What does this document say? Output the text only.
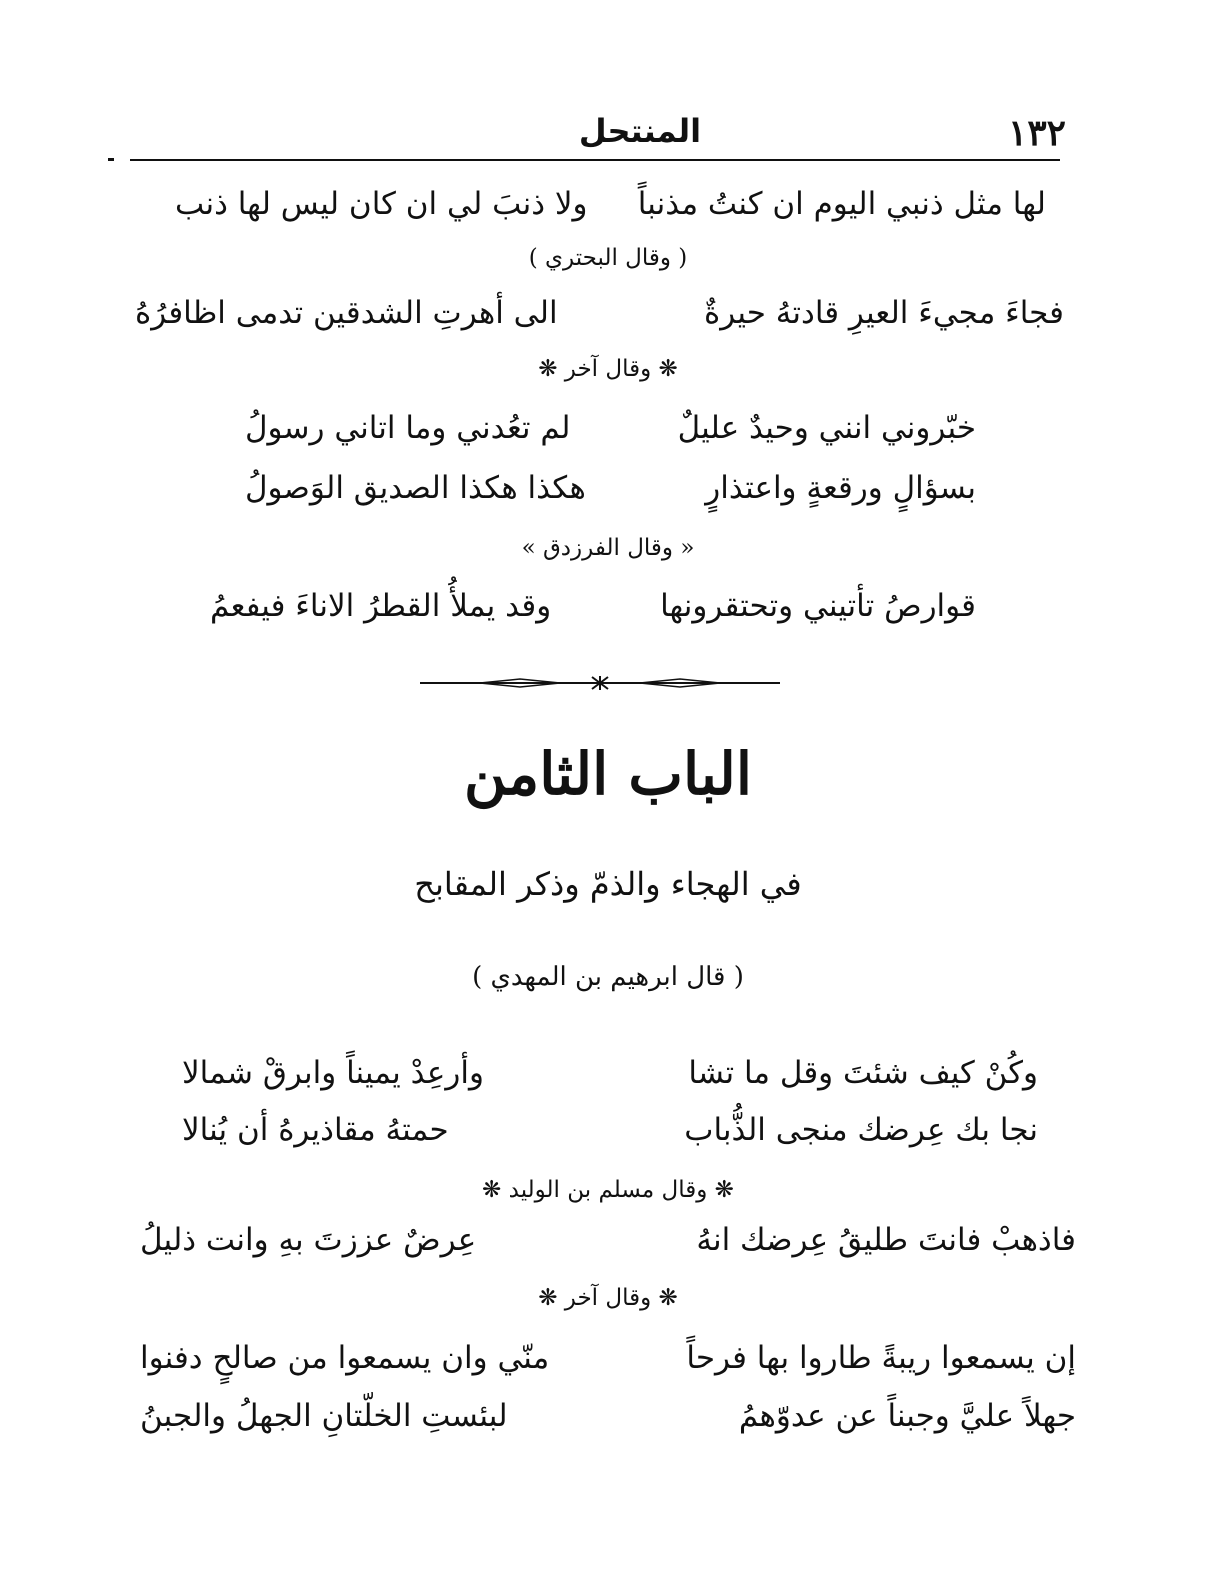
١٣٢
المنتحل
لها مثل ذنبي اليوم ان كنتُ مذنباً
ولا ذنبَ لي ان كان ليس لها ذنب
( وقال البحتري )
فجاءَ مجيءَ العيرِ قادتهُ حيرةٌ
الى أهرتِ الشدقين تدمى اظافرُهُ
❋ وقال آخر ❋
خبّروني انني وحيدٌ عليلٌ
لم تعُدني وما اتاني رسولُ
بسؤالٍ ورقعةٍ واعتذارٍ
هكذا هكذا الصديق الوَصولُ
« وقال الفرزدق »
قوارصُ تأتيني وتحتقرونها
وقد يملأُ القطرُ الاناءَ فيفعمُ
الباب الثامن
في الهجاء والذمّ وذكر المقابح
( قال ابرهيم بن المهدي )
وكُنْ كيف شئتَ وقل ما تشا
وأرعِدْ يميناً وابرقْ شمالا
نجا بك عِرضك منجى الذُّباب
حمتهُ مقاذيرهُ أن يُنالا
❋ وقال مسلم بن الوليد ❋
فاذهبْ فانتَ طليقُ عِرضك انهُ
عِرضٌ عززتَ بهِ وانت ذليلُ
❋ وقال آخر ❋
إن يسمعوا ريبةً طاروا بها فرحاً
منّي وان يسمعوا من صالحٍ دفنوا
جهلاً عليَّ وجبناً عن عدوّهمُ
لبئستِ الخلّتانِ الجهلُ والجبنُ
